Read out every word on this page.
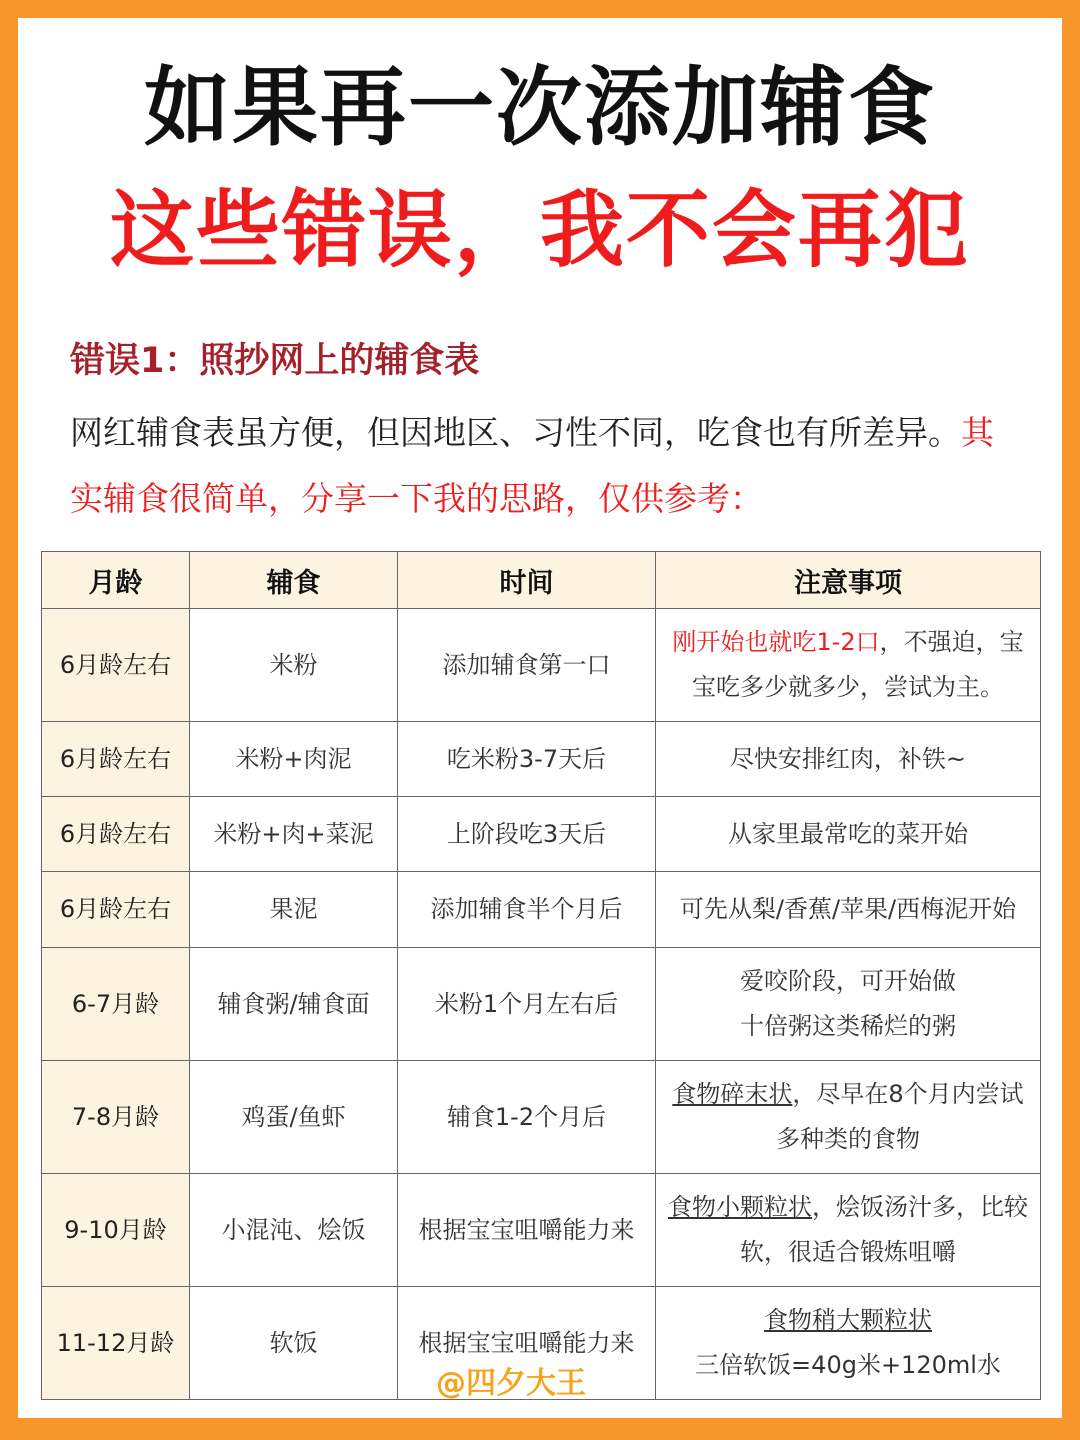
如果再一次添加辅食
这些错误，我不会再犯
错误1：照抄网上的辅食表
网红辅食表虽方便，但因地区、习性不同，吃食也有所差异。其实辅食很简单，分享一下我的思路，仅供参考：
月龄	辅食	时间	注意事项
6月龄左右	米粉	添加辅食第一口	刚开始也就吃1-2口，不强迫，宝宝吃多少就多少，尝试为主。
6月龄左右	米粉+肉泥	吃米粉3-7天后	尽快安排红肉，补铁~
6月龄左右	米粉+肉+菜泥	上阶段吃3天后	从家里最常吃的菜开始
6月龄左右	果泥	添加辅食半个月后	可先从梨/香蕉/苹果/西梅泥开始
6-7月龄	辅食粥/辅食面	米粉1个月左右后	爱咬阶段，可开始做
十倍粥这类稀烂的粥

7-8月龄	鸡蛋/鱼虾	辅食1-2个月后	食物碎末状，尽早在8个月内尝试多种类的食物
9-10月龄	小混沌、烩饭	根据宝宝咀嚼能力来	食物小颗粒状，烩饭汤汁多，比较软，很适合锻炼咀嚼
11-12月龄	软饭	根据宝宝咀嚼能力来	食物稍大颗粒状
三倍软饭=40g米+120ml水
@四夕大王
